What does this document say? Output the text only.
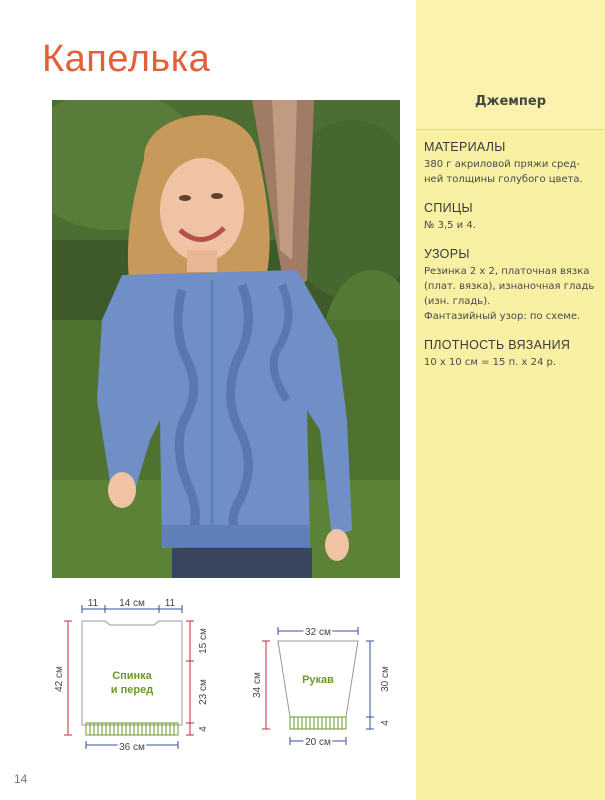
Капелька
Джемпер
МАТЕРИАЛЫ
380 г акриловой пряжи сред-
ней толщины голубого цвета.
СПИЦЫ
№ 3,5 и 4.
УЗОРЫ
Резинка 2 х 2, платочная вязка
(плат. вязка), изнаночная гладь
(изн. гладь).
Фантазийный узор: по схеме.
ПЛОТНОСТЬ ВЯЗАНИЯ
10 х 10 см = 15 п. х 24 р.
11 14 см 11
Спинка
и перед
42 см
15 см
23 см
4
36 см
32 см
Рукав
34 см	30 см
4
20 см
14
